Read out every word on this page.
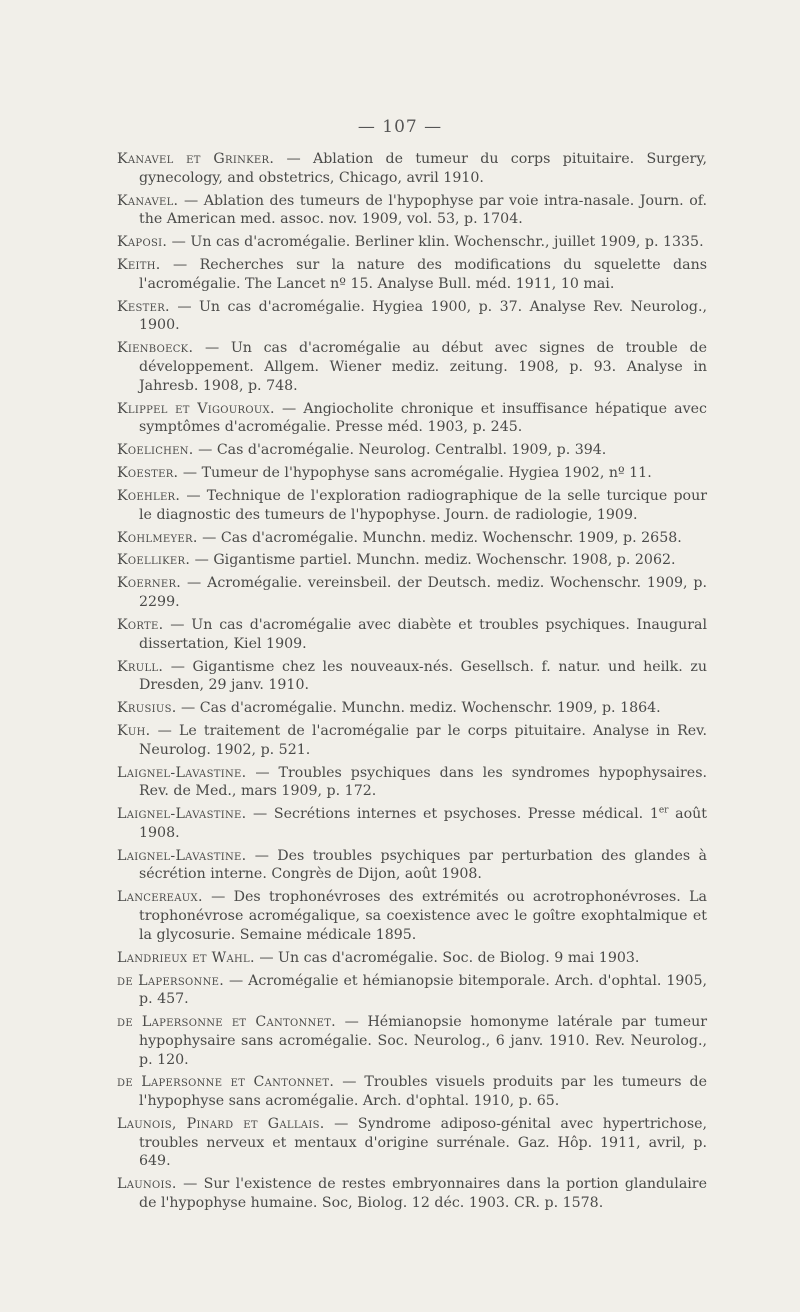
— 107 —
Kanavel et Grinker. — Ablation de tumeur du corps pituitaire. Surgery, gynecology, and obstetrics, Chicago, avril 1910.
Kanavel. — Ablation des tumeurs de l'hypophyse par voie intra-nasale. Journ. of. the American med. assoc. nov. 1909, vol. 53, p. 1704.
Kaposi. — Un cas d'acromégalie. Berliner klin. Wochenschr., juillet 1909, p. 1335.
Keith. — Recherches sur la nature des modifications du squelette dans l'acromégalie. The Lancet nº 15. Analyse Bull. méd. 1911, 10 mai.
Kester. — Un cas d'acromégalie. Hygiea 1900, p. 37. Analyse Rev. Neurolog., 1900.
Kienboeck. — Un cas d'acromégalie au début avec signes de trouble de développement. Allgem. Wiener mediz. zeitung. 1908, p. 93. Analyse in Jahresb. 1908, p. 748.
Klippel et Vigouroux. — Angiocholite chronique et insuffisance hépatique avec symptômes d'acromégalie. Presse méd. 1903, p. 245.
Koelichen. — Cas d'acromégalie. Neurolog. Centralbl. 1909, p. 394.
Koester. — Tumeur de l'hypophyse sans acromégalie. Hygiea 1902, nº 11.
Koehler. — Technique de l'exploration radiographique de la selle turcique pour le diagnostic des tumeurs de l'hypophyse. Journ. de radiologie, 1909.
Kohlmeyer. — Cas d'acromégalie. Munchn. mediz. Wochenschr. 1909, p. 2658.
Koelliker. — Gigantisme partiel. Munchn. mediz. Wochenschr. 1908, p. 2062.
Koerner. — Acromégalie. vereinsbeil. der Deutsch. mediz. Wochenschr. 1909, p. 2299.
Korte. — Un cas d'acromégalie avec diabète et troubles psychiques. Inaugural dissertation, Kiel 1909.
Krull. — Gigantisme chez les nouveaux-nés. Gesellsch. f. natur. und heilk. zu Dresden, 29 janv. 1910.
Krusius. — Cas d'acromégalie. Munchn. mediz. Wochenschr. 1909, p. 1864.
Kuh. — Le traitement de l'acromégalie par le corps pituitaire. Analyse in Rev. Neurolog. 1902, p. 521.
Laignel-Lavastine. — Troubles psychiques dans les syndromes hypophysaires. Rev. de Med., mars 1909, p. 172.
Laignel-Lavastine. — Secrétions internes et psychoses. Presse médical. 1er août 1908.
Laignel-Lavastine. — Des troubles psychiques par perturbation des glandes à sécrétion interne. Congrès de Dijon, août 1908.
Lancereaux. — Des trophonévroses des extrémités ou acrotrophonévroses. La trophonévrose acromégalique, sa coexistence avec le goître exophtalmique et la glycosurie. Semaine médicale 1895.
Landrieux et Wahl. — Un cas d'acromégalie. Soc. de Biolog. 9 mai 1903.
de Lapersonne. — Acromégalie et hémianopsie bitemporale. Arch. d'ophtal. 1905, p. 457.
de Lapersonne et Cantonnet. — Hémianopsie homonyme latérale par tumeur hypophysaire sans acromégalie. Soc. Neurolog., 6 janv. 1910. Rev. Neurolog., p. 120.
de Lapersonne et Cantonnet. — Troubles visuels produits par les tumeurs de l'hypophyse sans acromégalie. Arch. d'ophtal. 1910, p. 65.
Launois, Pinard et Gallais. — Syndrome adiposo-génital avec hypertrichose, troubles nerveux et mentaux d'origine surrénale. Gaz. Hôp. 1911, avril, p. 649.
Launois. — Sur l'existence de restes embryonnaires dans la portion glandulaire de l'hypophyse humaine. Soc, Biolog. 12 déc. 1903. CR. p. 1578.
